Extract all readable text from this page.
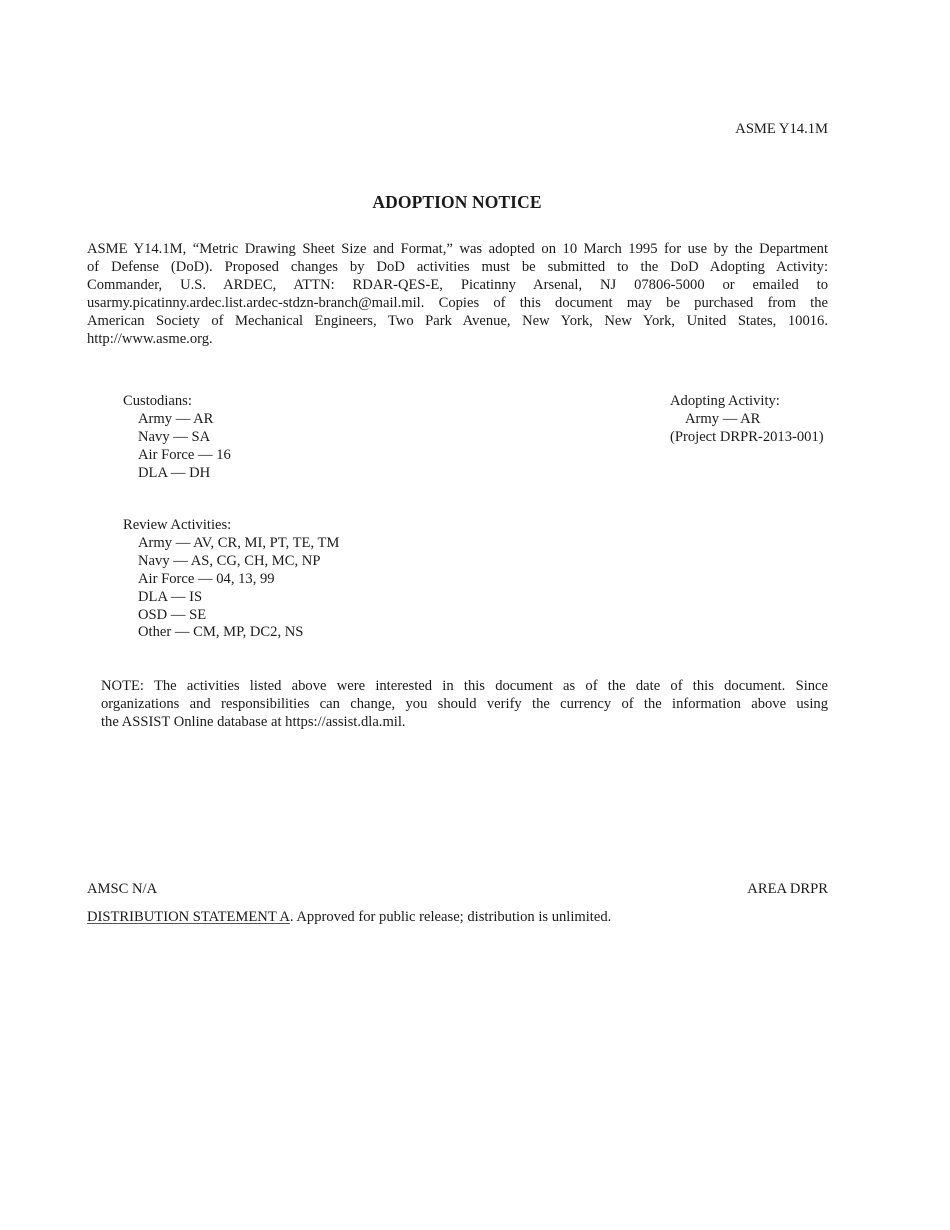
ASME Y14.1M
ADOPTION NOTICE
ASME Y14.1M, “Metric Drawing Sheet Size and Format,” was adopted on 10 March 1995 for use by the Department
of Defense (DoD). Proposed changes by DoD activities must be submitted to the DoD Adopting Activity:
Commander, U.S. ARDEC, ATTN: RDAR-QES-E, Picatinny Arsenal, NJ 07806-5000 or emailed to
usarmy.picatinny.ardec.list.ardec-stdzn-branch@mail.mil. Copies of this document may be purchased from the
American Society of Mechanical Engineers, Two Park Avenue, New York, New York, United States, 10016.
http://www.asme.org.
Custodians:
Army — AR
Navy — SA
Air Force — 16
DLA — DH
Adopting Activity:
Army — AR
(Project DRPR-2013-001)
Review Activities:
Army — AV, CR, MI, PT, TE, TM
Navy — AS, CG, CH, MC, NP
Air Force — 04, 13, 99
DLA — IS
OSD — SE
Other — CM, MP, DC2, NS
NOTE: The activities listed above were interested in this document as of the date of this document. Since
organizations and responsibilities can change, you should verify the currency of the information above using
the ASSIST Online database at https://assist.dla.mil.
AMSC N/A	AREA DRPR
DISTRIBUTION STATEMENT A. Approved for public release; distribution is unlimited.
